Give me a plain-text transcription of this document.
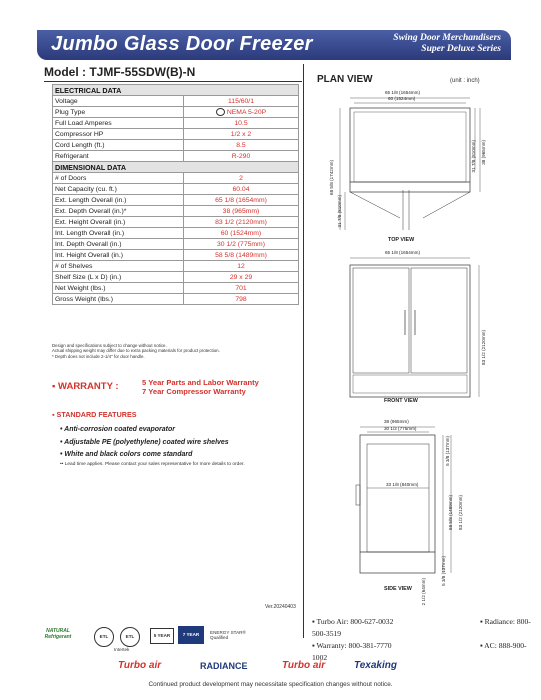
Jumbo Glass Door Freezer	Swing Door Merchandisers
Super Deluxe Series
Model : TJMF-55SDW(B)-N
ELECTRICAL DATA	
Voltage	115/60/1
Plug Type	NEMA 5-20P
Full Load Amperes	10.5
Compressor HP	1/2 x 2
Cord Length (ft.)	8.5
Refrigerant	R-290
DIMENSIONAL DATA	
# of Doors	2
Net Capacity (cu. ft.)	60.04
Ext. Length Overall (in.)	65 1/8 (1654mm)
Ext. Depth Overall (in.)*	38 (965mm)
Ext. Height Overall (in.)	83 1/2 (2120mm)
Int. Length Overall (in.)	60 (1524mm)
Int. Depth Overall (in.)	30 1/2 (775mm)
Int. Height Overall (in.)	58 5/8 (1489mm)
# of Shelves	12
Shelf Size (L x D) (in.)	29 x 29
Net Weight (lbs.)	701
Gross Weight (lbs.)	798
Design and specifications subject to change without notice.
Actual shipping weight may differ due to extra packing materials for product protection.
* Depth does not include 2-1/4" for door handle.
▪ WARRANTY :	5 Year Parts and Labor Warranty
7 Year Compressor Warranty
▪ STANDARD FEATURES
• Anti-corrosion coated evaporator
• Adjustable PE (polyethylene) coated wire shelves
• White and black colors come standard
•• Lead time applies. Please contact your sales representative for more details to order.
Ver.20240403
PLAN VIEW	(unit : inch)
65 1/8 (1654mm)
60 (1524mm)
31 7/8 (810mm) 38 (965mm)
68 5/8 (1742mm)
31 7/8 (810mm)
TOP VIEW
65 1/8 (1654mm)
83 1/2 (2120mm)
FRONT VIEW
38 (965mm)
30 1/2 (775mm)
33 1/8 (840mm)
5 3/8 (137mm)
58 5/8 (1489mm) 83 1/2 (2120mm)
5 3/8 (137mm)
2 1/2 (64mm)
SIDE VIEW
NATURAL Refrigerant	ETL	ETL
Intertek
5 YEAR	7 YEAR	ENERGY STAR® Qualified
▪ Turbo Air: 800-627-0032	▪ Radiance: 800-500-3519
▪ Warranty: 800-381-7770	▪ AC: 888-900-1002
Turbo air	RADIANCE	Turbo air	Texaking
Continued product development may necessitate specification changes without notice.
